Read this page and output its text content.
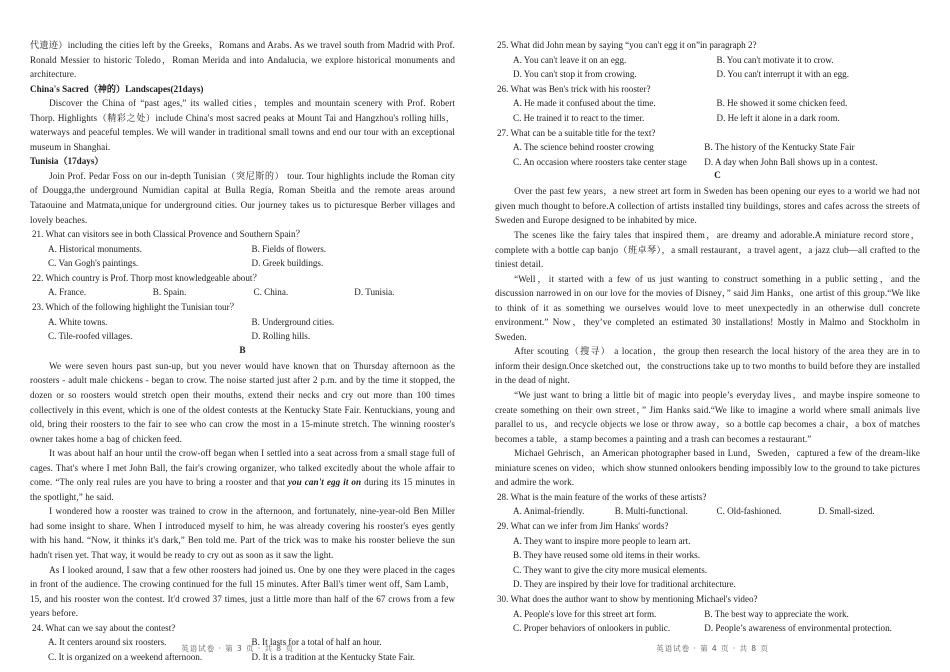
代遗迹）including the cities left by the Greeks，Romans and Arabs. As we travel south from Madrid with Prof. Ronald Messier to historic Toledo，Roman Merida and into Andalucia, we explore historical monuments and architecture.

China's Sacred（神的）Landscapes(21days)

Discover the China of “past ages,” its walled cities，temples and mountain scenery with Prof. Robert Thorp. Highlights（精彩之处）include China's most sacred peaks at Mount Tai and Hangzhou's rolling hills，waterways and peaceful temples. We will wander in traditional small towns and end our tour with an exceptional museum in Shanghai.

Tunisia（17days）

Join Prof. Pedar Foss on our in-depth Tunisian（突尼斯的） tour. Tour highlights include the Roman city of Dougga,the underground Numidian capital at Bulla Regia, Roman Sbeitla and the remote areas around Tataouine and Matmata,unique for underground cities. Our journey takes us to picturesque Berber villages and lovely beaches.

21. What can visitors see in both Classical Provence and Southern Spain？

A. Historical monuments.	B. Fields of flowers.
C. Van Gogh's paintings.	D. Greek buildings.

22. Which country is Prof. Thorp most knowledgeable about？

A. France.	B. Spain.	C. China.	D. Tunisia.

23. Which of the following highlight the Tunisian tour？

A. White towns.	B. Underground cities.
C. Tile-roofed villages.	D. Rolling hills.

B

We were seven hours past sun-up, but you never would have known that on Thursday afternoon as the roosters - adult male chickens - began to crow. The noise started just after 2 p.m. and by the time it stopped, the dozen or so roosters would stretch open their mouths, extend their necks and cry out more than 100 times collectively in this event, which is one of the oldest contests at the Kentucky State Fair. Kentuckians, young and old, bring their roosters to the fair to see who can crow the most in a 15-minute stretch. The winning rooster's owner takes home a bag of chicken feed.

It was about half an hour until the crow-off began when I settled into a seat across from a small stage full of cages. That's where I met John Ball, the fair's crowing organizer, who talked excitedly about the whole affair to come. “The only real rules are you have to bring a rooster and that you can't egg it on during its 15 minutes in the spotlight,” he said.

I wondered how a rooster was trained to crow in the afternoon, and fortunately, nine-year-old Ben Miller had some insight to share. When I introduced myself to him, he was already covering his rooster's eyes gently with his hand. “Now, it thinks it's dark,” Ben told me. Part of the trick was to make his rooster believe the sun hadn't risen yet. That way, it would be ready to cry out as soon as it saw the light.

As I looked around, I saw that a few other roosters had joined us. One by one they were placed in the cages in front of the audience. The crowing continued for the full 15 minutes. After Ball's timer went off, Sam Lamb，15, and his rooster won the contest. It'd crowed 37 times, just a little more than half of the 67 crows from a few years before.

24. What can we say about the contest?

A. It centers around six roosters.	B. It lasts for a total of half an hour.
C. It is organized on a weekend afternoon.	D. It is a tradition at the Kentucky State Fair.
英语试卷 · 第 3 页 · 共 8 页

25. What did John mean by saying “you can't egg it on”in paragraph 2?

A. You can't leave it on an egg.	B. You can't motivate it to crow.
D. You can't stop it from crowing.	D. You can't interrupt it with an egg.

26. What was Ben's trick with his rooster?

A. He made it confused about the time.	B. He showed it some chicken feed.
C. He trained it to react to the timer.	D. He left it alone in a dark room.

27. What can be a suitable title for the text?

A. The science behind rooster crowing	B. The history of the Kentucky State Fair
C. An occasion where roosters take center stage	D. A day when John Ball shows up in a contest.

C

Over the past few years，a new street art form in Sweden has been opening our eyes to a world we had not given much thought to before.A collection of artists installed tiny buildings, stores and cafes across the streets of Sweden and Europe designed to be inhabited by mice.

The scenes like the fairy tales that inspired them，are dreamy and adorable.A miniature record store，complete with a bottle cap banjo（班卓琴），a small restaurant，a travel agent，a jazz club—all crafted to the tiniest detail.

“Well，it started with a few of us just wanting to construct something in a public setting，and the discussion narrowed in on our love for the movies of Disney，” said Jim Hanks，one artist of this group.“We like to think of it as something we ourselves would love to meet unexpectedly in an otherwise dull concrete environment.” Now，they’ve completed an estimated 30 installations! Mostly in Malmo and Stockholm in Sweden.

After scouting（搜寻） a location，the group then research the local history of the area they are in to inform their design.Once sketched out，the constructions take up to two months to build before they are installed in the dead of night.

“We just want to bring a little bit of magic into people’s everyday lives，and maybe inspire someone to create something on their own street，” Jim Hanks said.“We like to imagine a world where small animals live parallel to us，and recycle objects we lose or throw away，so a bottle cap becomes a chair，a box of matches becomes a table，a stamp becomes a painting and a trash can becomes a restaurant.”

Michael Gehrisch，an American photographer based in Lund，Sweden，captured a few of the dream-like miniature scenes on video，which show stunned onlookers bending impossibly low to the ground to take pictures and admire the work.

28. What is the main feature of the works of these artists?

A. Animal-friendly.	B. Multi-functional.	C. Old-fashioned.	D. Small-sized.

29. What can we infer from Jim Hanks' words?

A. They want to inspire more people to learn art.
B. They have reused some old items in their works.
C. They want to give the city more musical elements.
D. They are inspired by their love for traditional architecture.

30. What does the author want to show by mentioning Michael's video?

A. People's love for this street art form.	B. The best way to appreciate the work.
C. Proper behaviors of onlookers in public.	D. People’s awareness of environmental protection.
英语试卷 · 第 4 页 · 共 8 页
